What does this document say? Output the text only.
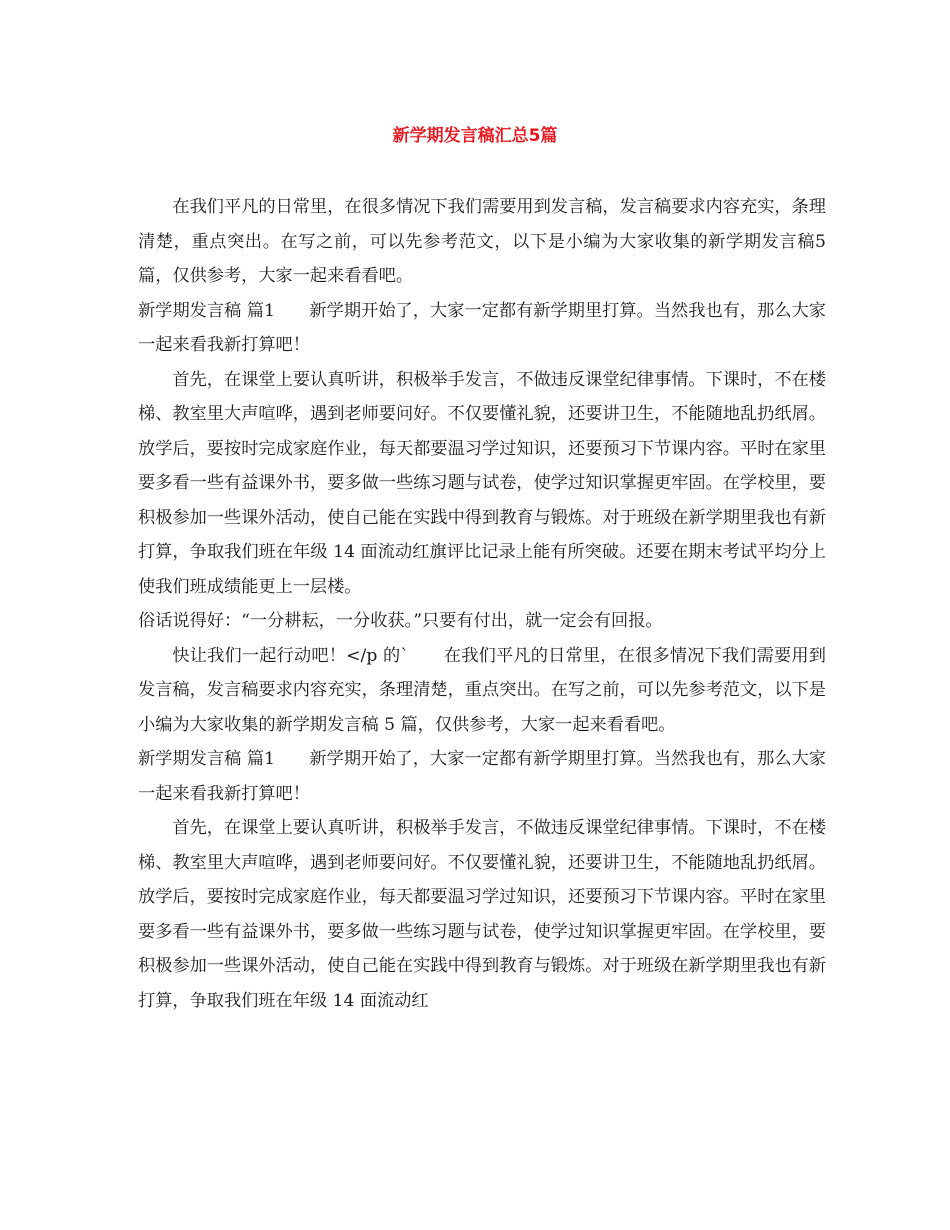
新学期发言稿汇总5篇

在我们平凡的日常里，在很多情况下我们需要用到发言稿，发言稿要求内容充实，条理清楚，重点突出。在写之前，可以先参考范文，以下是小编为大家收集的新学期发言稿5篇，仅供参考，大家一起来看看吧。

新学期发言稿 篇1　　新学期开始了，大家一定都有新学期里打算。当然我也有，那么大家一起来看我新打算吧！

首先，在课堂上要认真听讲，积极举手发言，不做违反课堂纪律事情。下课时，不在楼梯、教室里大声喧哗，遇到老师要问好。不仅要懂礼貌，还要讲卫生，不能随地乱扔纸屑。放学后，要按时完成家庭作业，每天都要温习学过知识，还要预习下节课内容。平时在家里要多看一些有益课外书，要多做一些练习题与试卷，使学过知识掌握更牢固。在学校里，要积极参加一些课外活动，使自己能在实践中得到教育与锻炼。对于班级在新学期里我也有新打算，争取我们班在年级 14 面流动红旗评比记录上能有所突破。还要在期末考试平均分上使我们班成绩能更上一层楼。

俗话说得好：“一分耕耘，一分收获。”只要有付出，就一定会有回报。

快让我们一起行动吧！</p 的`　　在我们平凡的日常里，在很多情况下我们需要用到发言稿，发言稿要求内容充实，条理清楚，重点突出。在写之前，可以先参考范文，以下是小编为大家收集的新学期发言稿 5 篇，仅供参考，大家一起来看看吧。

新学期发言稿 篇1　　新学期开始了，大家一定都有新学期里打算。当然我也有，那么大家一起来看我新打算吧！

首先，在课堂上要认真听讲，积极举手发言，不做违反课堂纪律事情。下课时，不在楼梯、教室里大声喧哗，遇到老师要问好。不仅要懂礼貌，还要讲卫生，不能随地乱扔纸屑。放学后，要按时完成家庭作业，每天都要温习学过知识，还要预习下节课内容。平时在家里要多看一些有益课外书，要多做一些练习题与试卷，使学过知识掌握更牢固。在学校里，要积极参加一些课外活动，使自己能在实践中得到教育与锻炼。对于班级在新学期里我也有新打算，争取我们班在年级 14 面流动红
